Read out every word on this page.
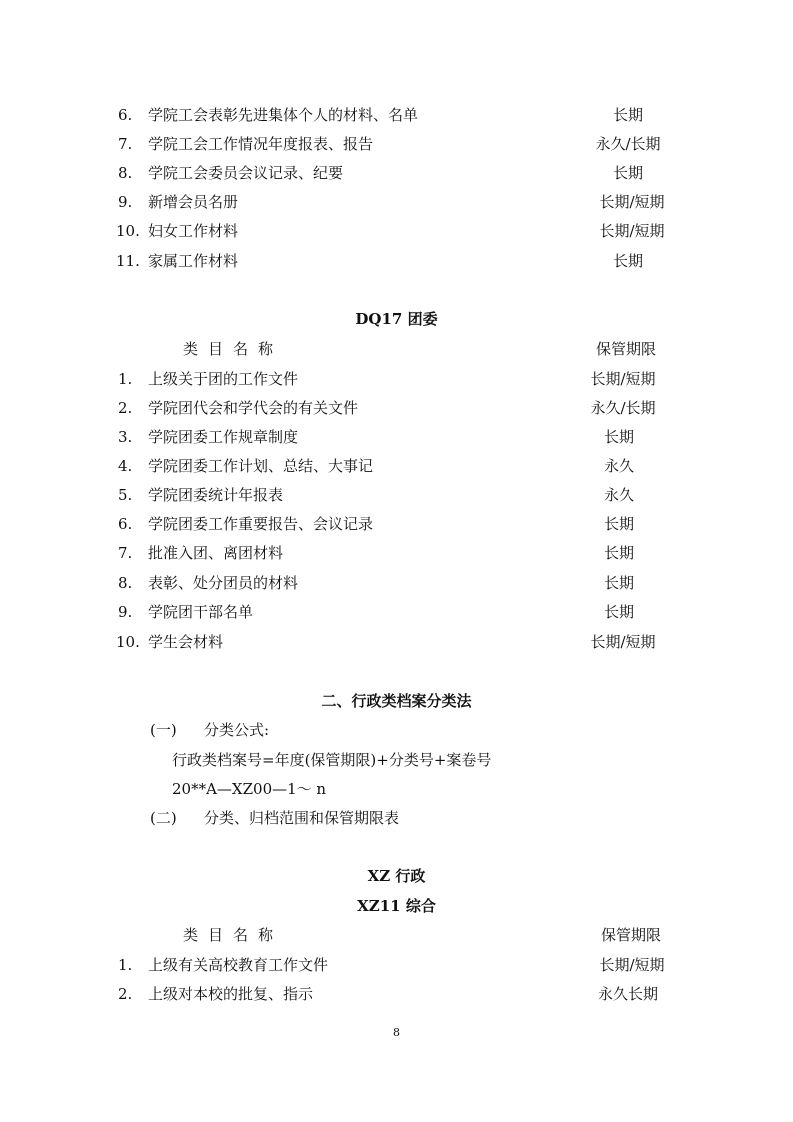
6. 学院工会表彰先进集体个人的材料、名单	长期
7. 学院工会工作情况年度报表、报告	永久/长期
8. 学院工会委员会议记录、纪要	长期
9. 新增会员名册	长期/短期
10. 妇女工作材料	长期/短期
11. 家属工作材料	长期
DQ17 团委
类目名称	保管期限
1. 上级关于团的工作文件	长期/短期
2. 学院团代会和学代会的有关文件	永久/长期
3. 学院团委工作规章制度	长期
4. 学院团委工作计划、总结、大事记	永久
5. 学院团委统计年报表	永久
6. 学院团委工作重要报告、会议记录	长期
7. 批准入团、离团材料	长期
8. 表彰、处分团员的材料	长期
9. 学院团干部名单	长期
10. 学生会材料	长期/短期
二、行政类档案分类法
(一) 分类公式:
行政类档案号=年度(保管期限)+分类号+案卷号
20**A—XZ00—1～ n
(二) 分类、归档范围和保管期限表
XZ 行政
XZ11 综合
类目名称	保管期限
1. 上级有关高校教育工作文件	长期/短期
2. 上级对本校的批复、指示	永久长期
8
